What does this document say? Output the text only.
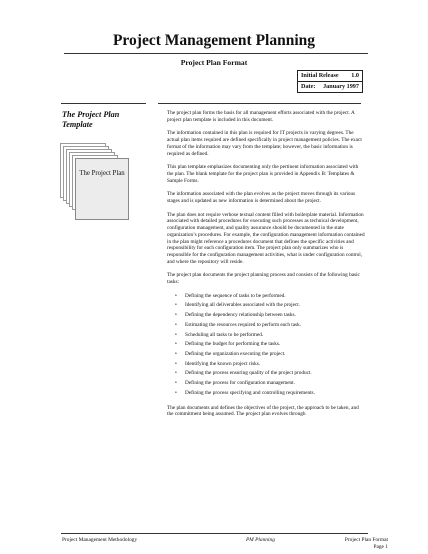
Project Management Planning
Project Plan Format
Initial Release 1.0
Date: January 1997
The Project Plan Template
The Project Plan

The project plan forms the basis for all management efforts associated with the project. A project plan template is included in this document.

The information contained in this plan is required for IT projects in varying degrees. The actual plan items required are defined specifically in project management policies. The exact format of the information may vary from the template; however, the basic information is required as defined.

This plan template emphasizes documenting only the pertinent information associated with the plan. The blank template for the project plan is provided in Appendix B: Templates & Sample Forms.

The information associated with the plan evolves as the project moves through its various stages and is updated as new information is determined about the project.

The plan does not require verbose textual content filled with boilerplate material. Information associated with detailed procedures for executing such processes as technical development, configuration management, and quality assurance should be documented in the state organization’s procedures. For example, the configuration management information contained in the plan might reference a procedures document that defines the specific activities and responsibility for each configuration item. The project plan only summarizes who is responsible for the configuration management activities, what is under configuration control, and where the repository will reside.

The project plan documents the project planning process and consists of the following basic tasks:

• Defining the sequence of tasks to be performed.
• Identifying all deliverables associated with the project.
• Defining the dependency relationship between tasks.
• Estimating the resources required to perform each task.
• Scheduling all tasks to be performed.
• Defining the budget for performing the tasks.
• Defining the organization executing the project.
• Identifying the known project risks.
• Defining the process ensuring quality of the project product.
• Defining the process for configuration management.
• Defining the process specifying and controlling requirements.

The plan documents and defines the objectives of the project, the approach to be taken, and the commitment being assumed. The project plan evolves through

Project Management Methodology	PM Planning	Project Plan Format
Page 1
